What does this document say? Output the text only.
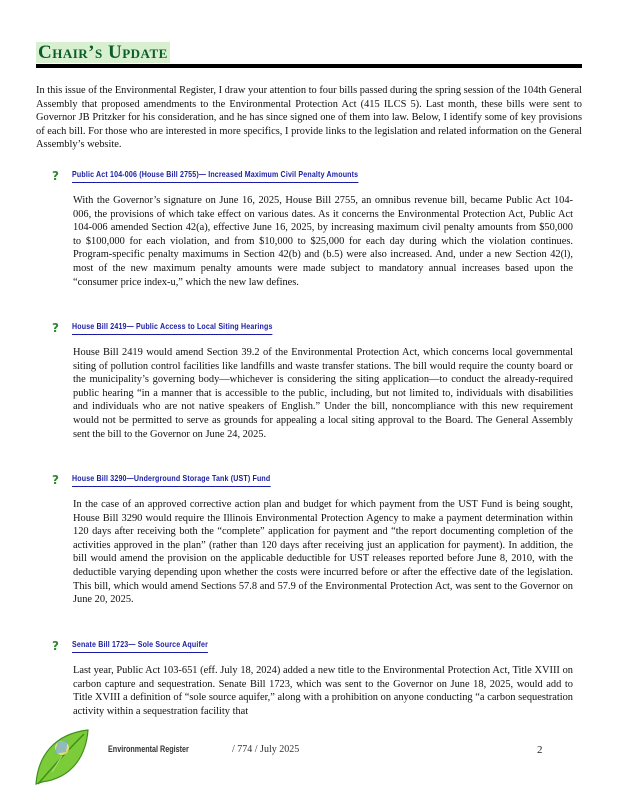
Chair’s Update

In this issue of the Environmental Register, I draw your attention to four bills passed during the spring session of the 104th General Assembly that proposed amendments to the Environmental Protection Act (415 ILCS 5). Last month, these bills were sent to Governor JB Pritzker for his consideration, and he has since signed one of them into law. Below, I identify some of key provisions of each bill. For those who are interested in more specifics, I provide links to the legislation and related information on the General Assembly’s website.

?	Public Act 104-006 (House Bill 2755)— Increased Maximum Civil Penalty Amounts

With the Governor’s signature on June 16, 2025, House Bill 2755, an omnibus revenue bill, became Public Act 104-006, the provisions of which take effect on various dates. As it concerns the Environmental Protection Act, Public Act 104-006 amended Section 42(a), effective June 16, 2025, by increasing maximum civil penalty amounts from $50,000 to $100,000 for each violation, and from $10,000 to $25,000 for each day during which the violation continues. Program-specific penalty maximums in Section 42(b) and (b.5) were also increased. And, under a new Section 42(l), most of the new maximum penalty amounts were made subject to mandatory annual increases based upon the “consumer price index-u,” which the new law defines.

?	House Bill 2419— Public Access to Local Siting Hearings

House Bill 2419 would amend Section 39.2 of the Environmental Protection Act, which concerns local governmental siting of pollution control facilities like landfills and waste transfer stations. The bill would require the county board or the municipality’s governing body—whichever is considering the siting application—to conduct the already-required public hearing “in a manner that is accessible to the public, including, but not limited to, individuals with disabilities and individuals who are not native speakers of English.” Under the bill, noncompliance with this new requirement would not be permitted to serve as grounds for appealing a local siting approval to the Board. The General Assembly sent the bill to the Governor on June 24, 2025.

?	House Bill 3290—Underground Storage Tank (UST) Fund

In the case of an approved corrective action plan and budget for which payment from the UST Fund is being sought, House Bill 3290 would require the Illinois Environmental Protection Agency to make a payment determination within 120 days after receiving both the “complete” application for payment and “the report documenting completion of the activities approved in the plan” (rather than 120 days after receiving just an application for payment). In addition, the bill would amend the provision on the applicable deductible for UST releases reported before June 8, 2010, with the deductible varying depending upon whether the costs were incurred before or after the effective date of the legislation. This bill, which would amend Sections 57.8 and 57.9 of the Environmental Protection Act, was sent to the Governor on June 20, 2025.

?	Senate Bill 1723— Sole Source Aquifer

Last year, Public Act 103-651 (eff. July 18, 2024) added a new title to the Environmental Protection Act, Title XVIII on carbon capture and sequestration. Senate Bill 1723, which was sent to the Governor on June 18, 2025, would add to Title XVIII a definition of “sole source aquifer,” along with a prohibition on anyone conducting “a carbon sequestration activity within a sequestration facility that

Environmental Register	/ 774 / July 2025	2
